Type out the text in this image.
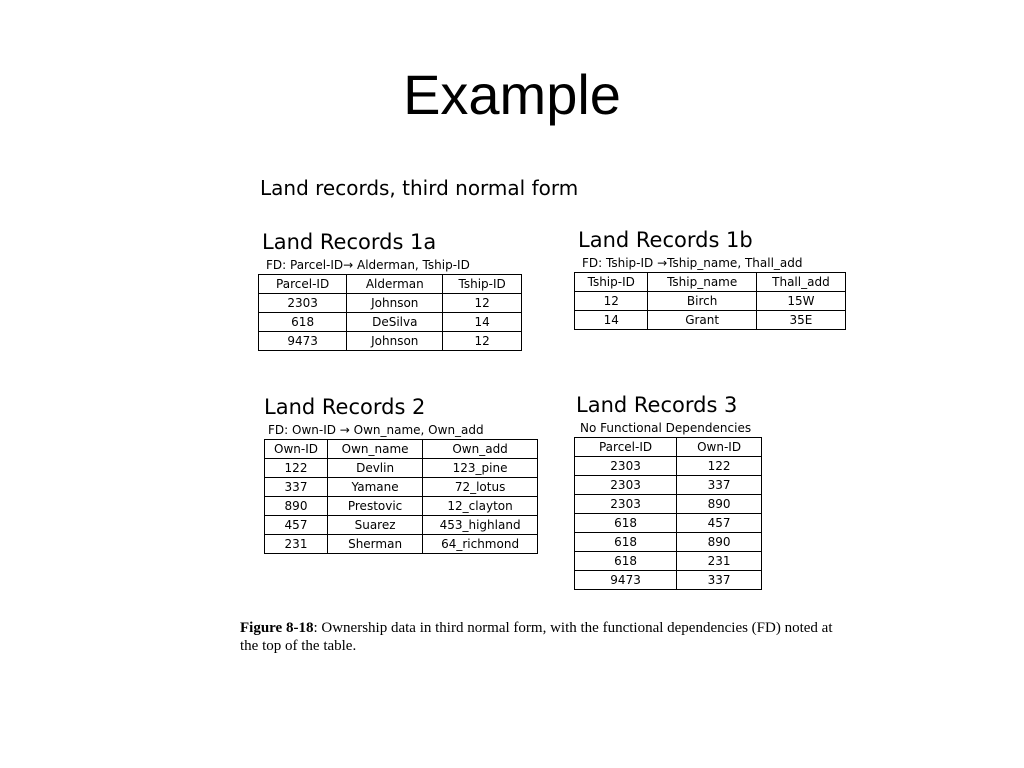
Example
Land records, third normal form
Land Records 1a
FD: Parcel-ID→ Alderman, Tship-ID
Parcel-ID	Alderman	Tship-ID
2303	Johnson	12
618	DeSilva	14
9473	Johnson	12
Land Records 1b
FD: Tship-ID →Tship_name, Thall_add
Tship-ID	Tship_name	Thall_add
12	Birch	15W
14	Grant	35E
Land Records 2
FD: Own-ID → Own_name, Own_add
Own-ID	Own_name	Own_add
122	Devlin	123_pine
337	Yamane	72_lotus
890	Prestovic	12_clayton
457	Suarez	453_highland
231	Sherman	64_richmond
Land Records 3
No Functional Dependencies
Parcel-ID	Own-ID
2303	122
2303	337
2303	890
618	457
618	890
618	231
9473	337
Figure 8-18: Ownership data in third normal form, with the functional dependencies (FD) noted at the top of the table.
